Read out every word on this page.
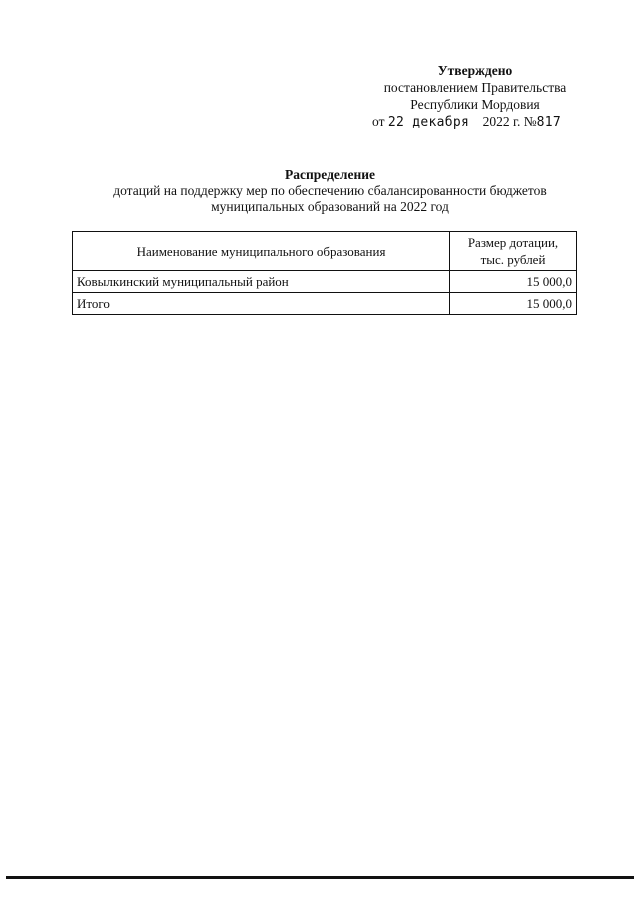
Утверждено
постановлением Правительства
Республики Мордовия
от 22 декабря 2022 г. №817
Распределение
дотаций на поддержку мер по обеспечению сбалансированности бюджетов
муниципальных образований на 2022 год
Наименование муниципального образования	Размер дотации,
тыс. рублей

Ковылкинский муниципальный район	15 000,0
Итого	15 000,0
